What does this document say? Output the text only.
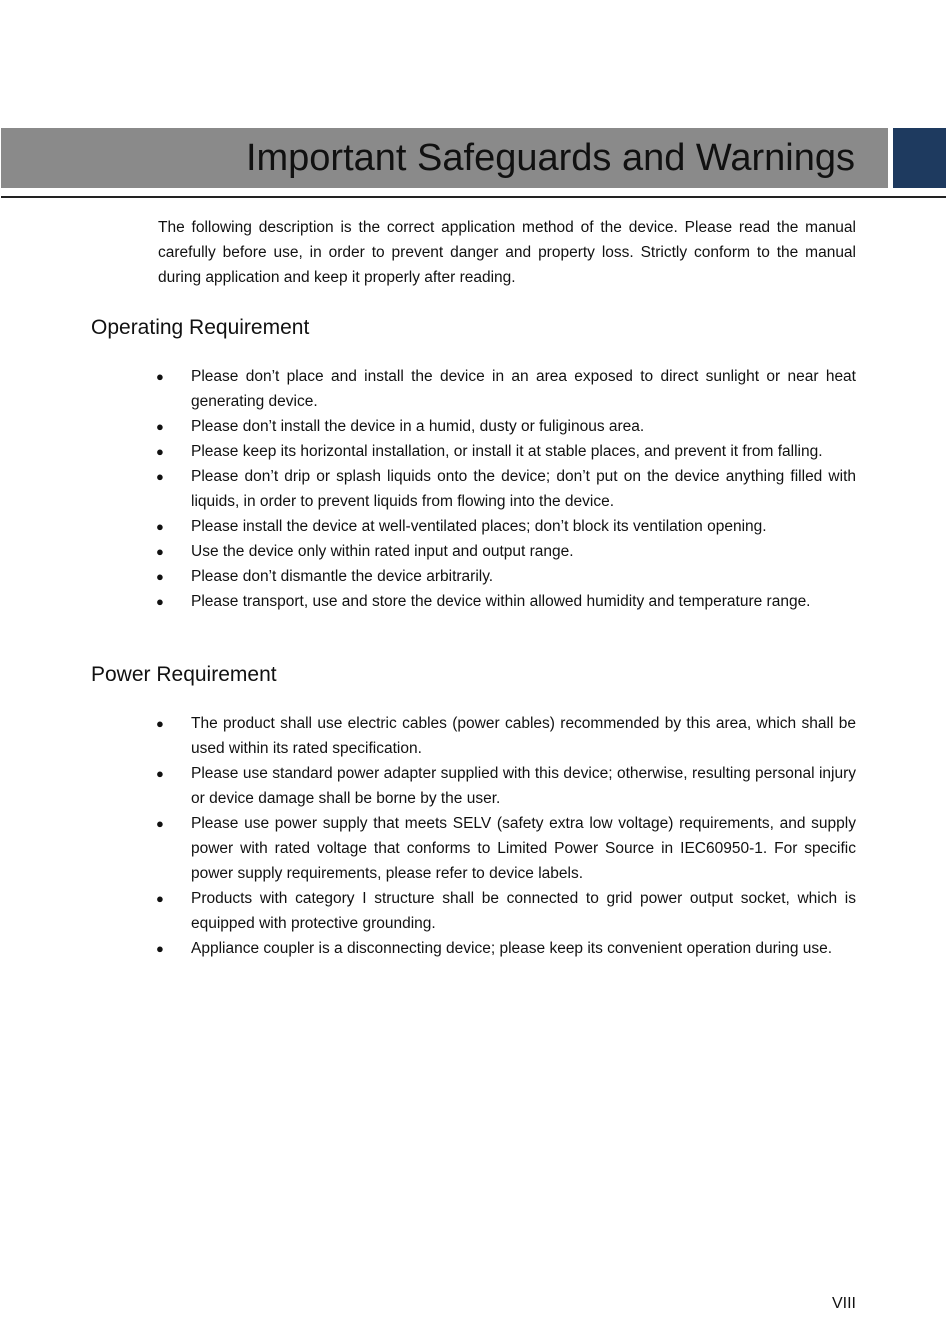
Important Safeguards and Warnings

The following description is the correct application method of the device. Please read the manual carefully before use, in order to prevent danger and property loss. Strictly conform to the manual during application and keep it properly after reading.

Operating Requirement
● Please don’t place and install the device in an area exposed to direct sunlight or near heat generating device.
● Please don’t install the device in a humid, dusty or fuliginous area.
● Please keep its horizontal installation, or install it at stable places, and prevent it from falling.
● Please don’t drip or splash liquids onto the device; don’t put on the device anything filled with liquids, in order to prevent liquids from flowing into the device.
● Please install the device at well-ventilated places; don’t block its ventilation opening.
● Use the device only within rated input and output range.
● Please don’t dismantle the device arbitrarily.
● Please transport, use and store the device within allowed humidity and temperature range.
Power Requirement
● The product shall use electric cables (power cables) recommended by this area, which shall be used within its rated specification.
● Please use standard power adapter supplied with this device; otherwise, resulting personal injury or device damage shall be borne by the user.
● Please use power supply that meets SELV (safety extra low voltage) requirements, and supply power with rated voltage that conforms to Limited Power Source in IEC60950-1. For specific power supply requirements, please refer to device labels.
● Products with category I structure shall be connected to grid power output socket, which is equipped with protective grounding.
● Appliance coupler is a disconnecting device; please keep its convenient operation during use.
VIII
